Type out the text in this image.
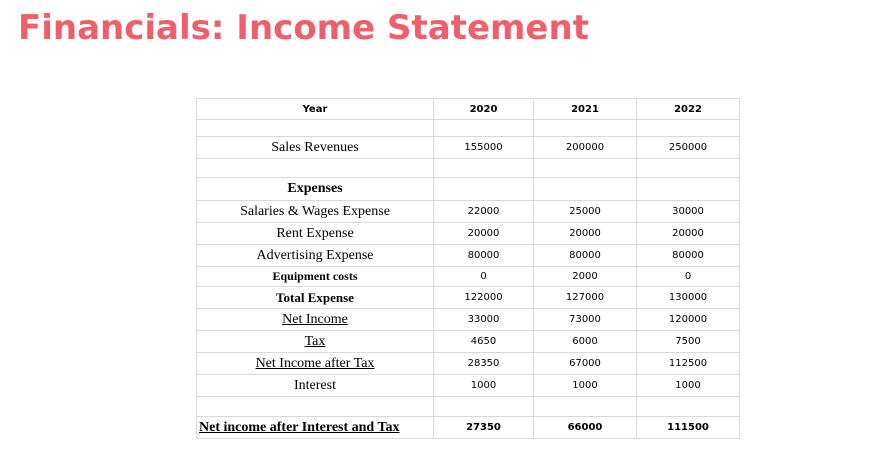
Financials: Income Statement
Year	2020	2021	2022

Sales Revenues	155000	200000	250000

Expenses			
Salaries & Wages Expense	22000	25000	30000
Rent Expense	20000	20000	20000
Advertising Expense	80000	80000	80000
Equipment costs	0	2000	0
Total Expense	122000	127000	130000
Net Income	33000	73000	120000
Tax	4650	6000	7500
Net Income after Tax	28350	67000	112500
Interest	1000	1000	1000

Net income after Interest and Tax	27350	66000	111500
